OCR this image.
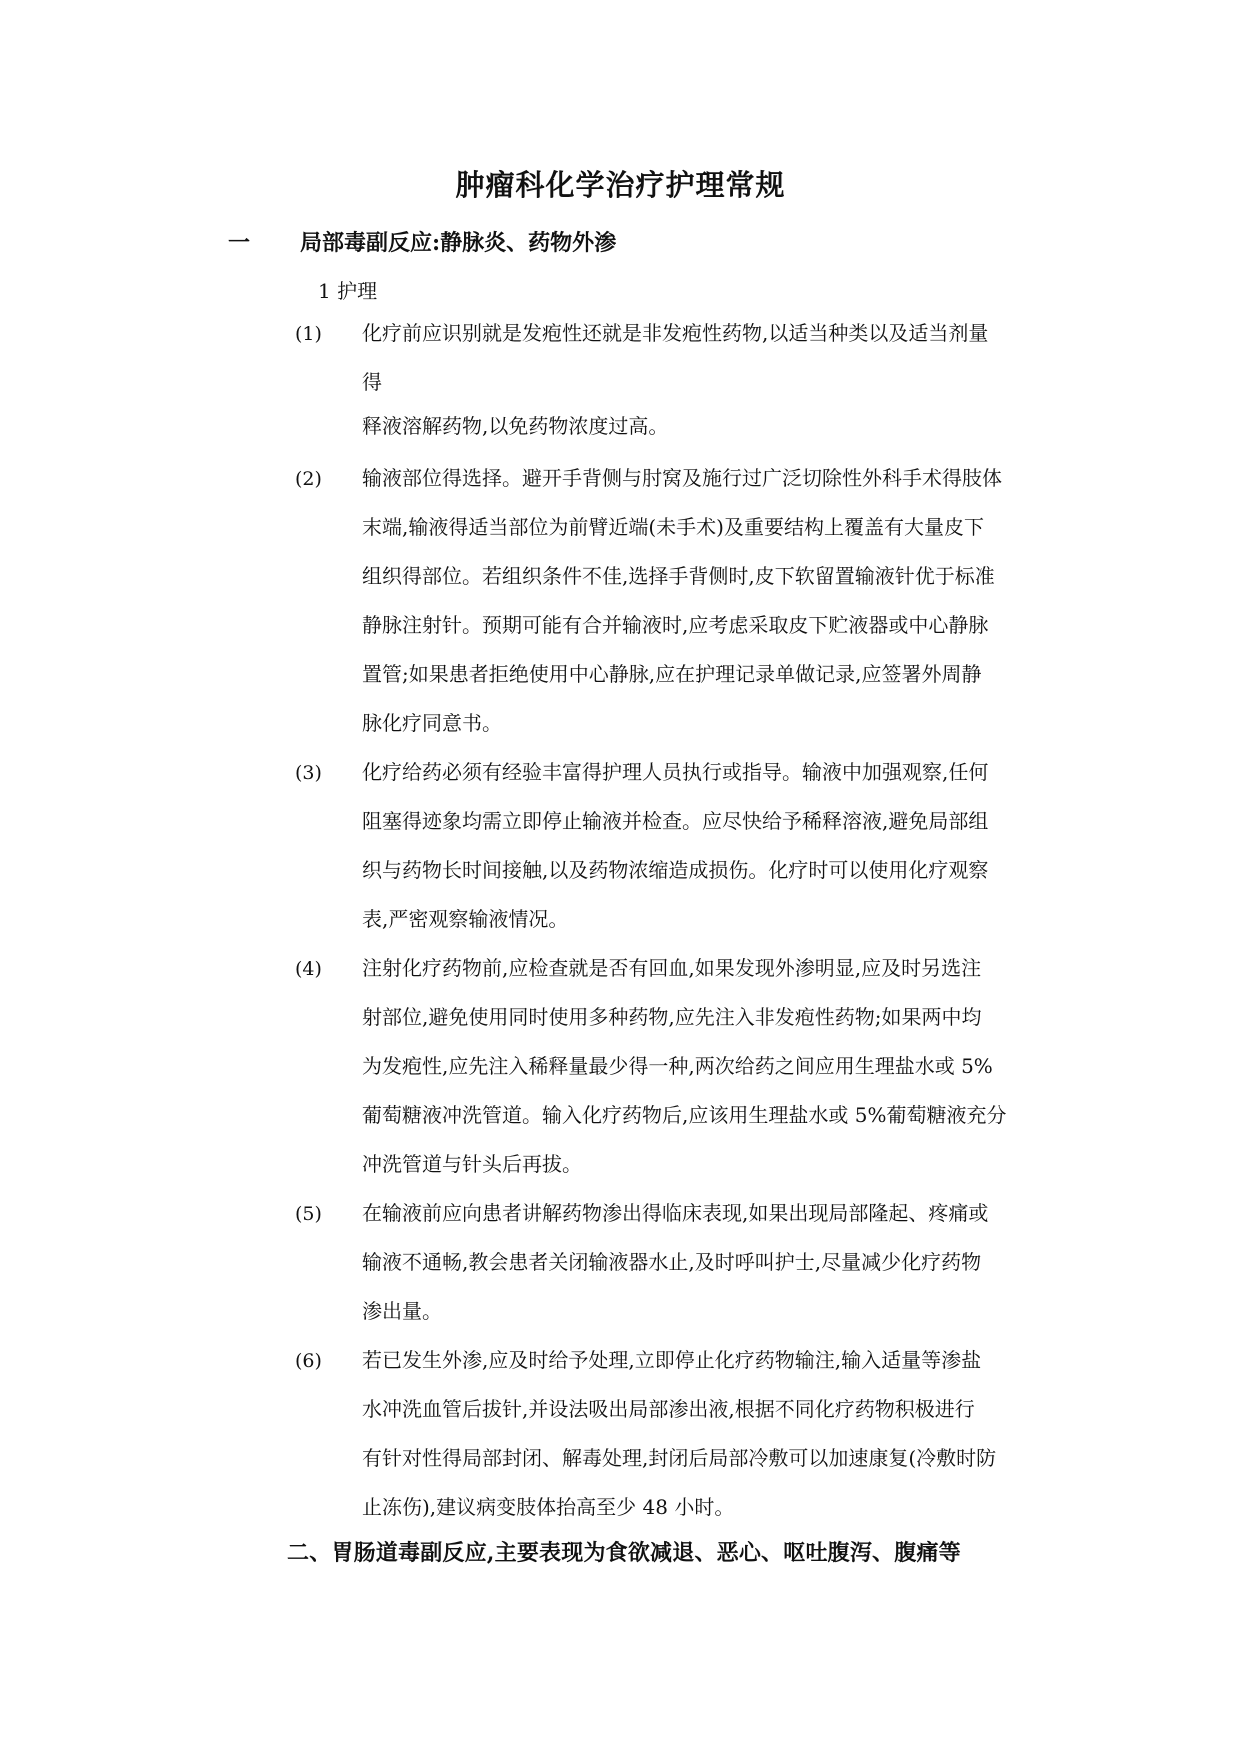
肿瘤科化学治疗护理常规
一 局部毒副反应:静脉炎、药物外渗
1 护理
(1) 化疗前应识别就是发疱性还就是非发疱性药物,以适当种类以及适当剂量
得
释液溶解药物,以免药物浓度过高。
(2) 输液部位得选择。避开手背侧与肘窝及施行过广泛切除性外科手术得肢体
末端,输液得适当部位为前臂近端(未手术)及重要结构上覆盖有大量皮下
组织得部位。若组织条件不佳,选择手背侧时,皮下软留置输液针优于标准
静脉注射针。预期可能有合并输液时,应考虑采取皮下贮液器或中心静脉
置管;如果患者拒绝使用中心静脉,应在护理记录单做记录,应签署外周静
脉化疗同意书。
(3) 化疗给药必须有经验丰富得护理人员执行或指导。输液中加强观察,任何
阻塞得迹象均需立即停止输液并检查。应尽快给予稀释溶液,避免局部组
织与药物长时间接触,以及药物浓缩造成损伤。化疗时可以使用化疗观察
表,严密观察输液情况。
(4) 注射化疗药物前,应检查就是否有回血,如果发现外渗明显,应及时另选注
射部位,避免使用同时使用多种药物,应先注入非发疱性药物;如果两中均
为发疱性,应先注入稀释量最少得一种,两次给药之间应用生理盐水或 5%
葡萄糖液冲洗管道。输入化疗药物后,应该用生理盐水或 5%葡萄糖液充分
冲洗管道与针头后再拔。
(5) 在输液前应向患者讲解药物渗出得临床表现,如果出现局部隆起、疼痛或
输液不通畅,教会患者关闭输液器水止,及时呼叫护士,尽量减少化疗药物
渗出量。
(6) 若已发生外渗,应及时给予处理,立即停止化疗药物输注,输入适量等渗盐
水冲洗血管后拔针,并设法吸出局部渗出液,根据不同化疗药物积极进行
有针对性得局部封闭、解毒处理,封闭后局部冷敷可以加速康复(冷敷时防
止冻伤),建议病变肢体抬高至少 48 小时。
二、胃肠道毒副反应,主要表现为食欲减退、恶心、呕吐腹泻、腹痛等
